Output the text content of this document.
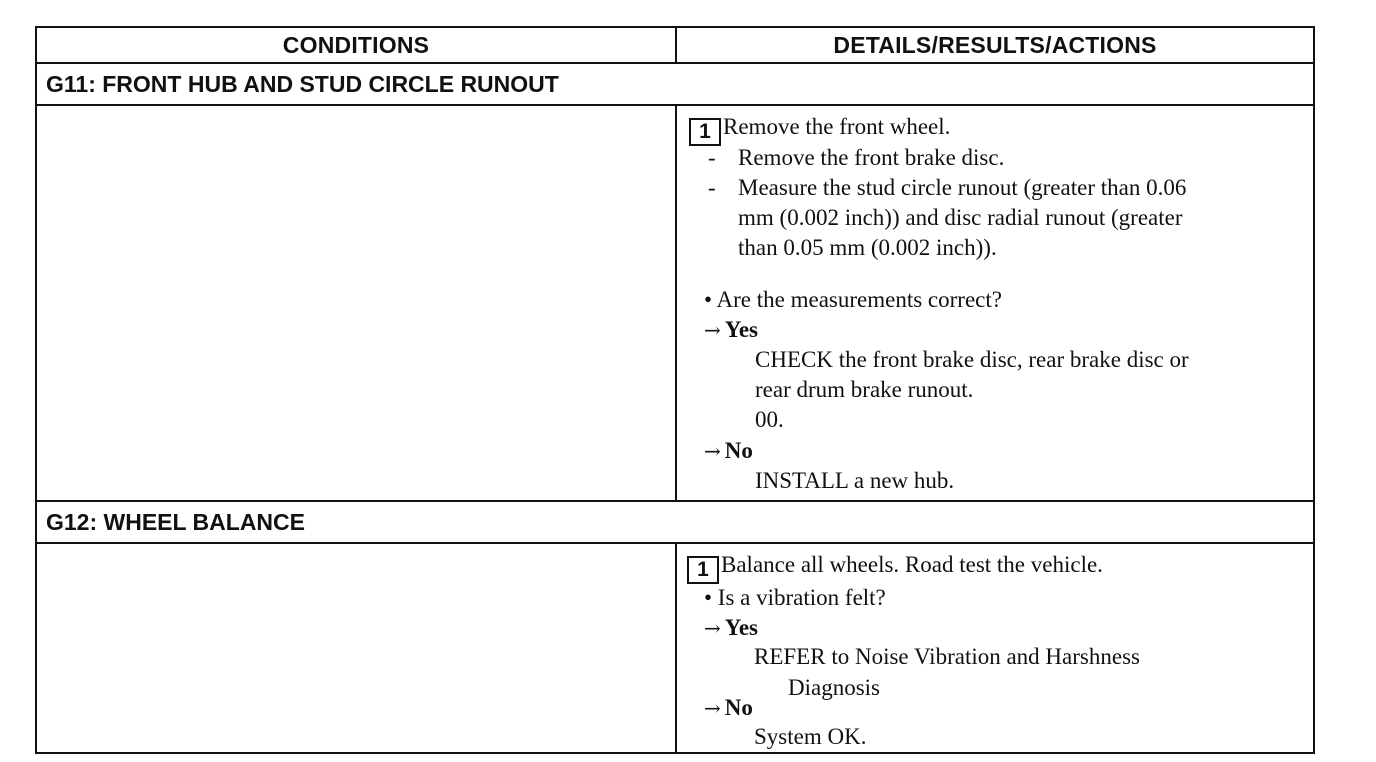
CONDITIONS	DETAILS/RESULTS/ACTIONS
G11: FRONT HUB AND STUD CIRCLE RUNOUT
1 Remove the front wheel.
- Remove the front brake disc.
- Measure the stud circle runout (greater than 0.06
mm (0.002 inch)) and disc radial runout (greater
than 0.05 mm (0.002 inch)).
• Are the measurements correct?
→ Yes
CHECK the front brake disc, rear brake disc or
rear drum brake runout.
00.
→ No
INSTALL a new hub.
G12: WHEEL BALANCE
1 Balance all wheels. Road test the vehicle.
• Is a vibration felt?
→ Yes
REFER to Noise Vibration and Harshness
Diagnosis
→ No
System OK.
